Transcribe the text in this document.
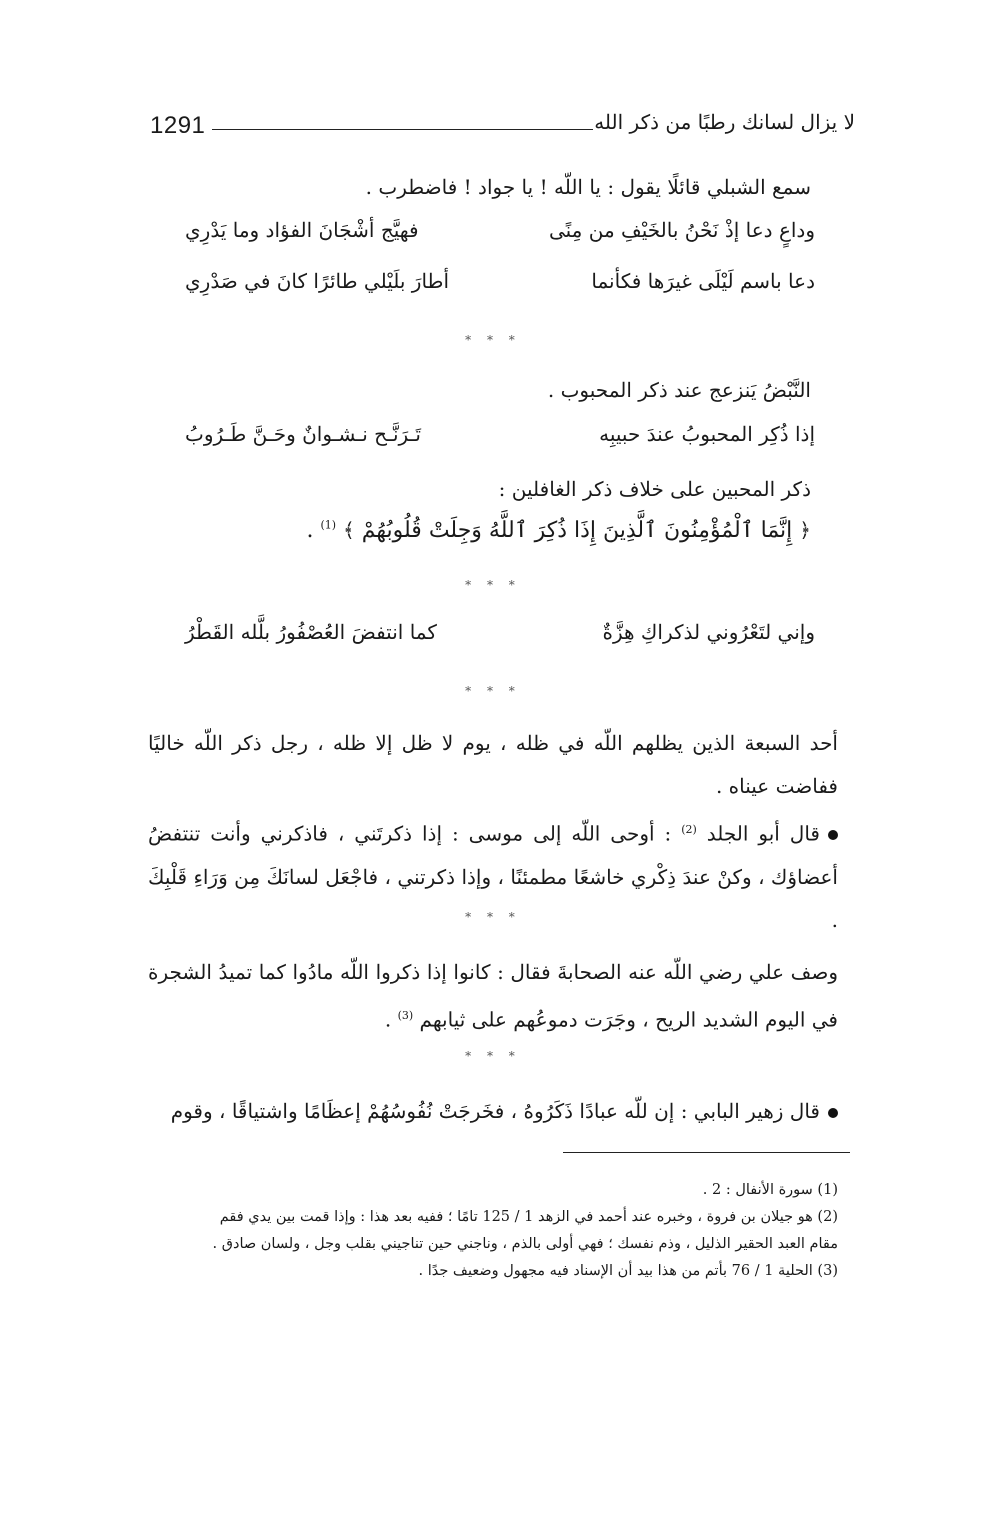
1291	لا يزال لسانك رطبًا من ذكر الله
سمع الشبلي قائلًا يقول : يا اللّه ! يا جواد ! فاضطرب .
وداعٍ دعا إذْ نَحْنُ بالخَيْفِ من مِنًى
فهيَّج أشْجَانَ الفؤاد وما يَدْرِي
دعا باسم لَيْلَى غيرَها فكأنما
أطارَ بلَيْلي طائرًا كانَ في صَدْرِي
* * *
النَّبْضُ يَنزعج عند ذكر المحبوب .
إذا ذُكِر المحبوبُ عندَ حبيبِه
تَـرَنَّـح نـشـوانٌ وحَـنَّ طَـرُوبُ
ذكر المحبين على خلاف ذكر الغافلين :
﴿ إِنَّمَا ٱلْمُؤْمِنُونَ ٱلَّذِينَ إِذَا ذُكِرَ ٱللَّهُ وَجِلَتْ قُلُوبُهُمْ ﴾ $^{(1)}$ .
* * *
وإني لتَعْرُوني لذكراكِ هِزَّةٌ
كما انتفضَ العُصْفُورُ بلَّله القَطْرُ
* * *
أحد السبعة الذين يظلهم اللّه في ظله ، يوم لا ظل إلا ظله ، رجل ذكر اللّه خاليًا ففاضت عيناه .
قال أبو الجلد $^{(2)}$ : أوحى اللّه إلى موسى : إذا ذكرتَني ، فاذكرني وأنت تنتفضُ أعضاؤك ، وكنْ عندَ ذِكْري خاشعًا مطمئنًا ، وإذا ذكرتني ، فاجْعَل لسانَكَ مِن وَرَاءِ قَلْبِكَ .
* * *
وصف علي رضي اللّه عنه الصحابةَ فقال : كانوا إذا ذكروا اللّه مادُوا كما تميدُ الشجرة في اليوم الشديد الريح ، وجَرَت دموعُهم على ثيابهم $^{(3)}$ .
* * *
قال زهير البابي : إن للّه عبادًا ذَكَرُوهُ ، فخَرجَتْ نُفُوسُهُمْ إعظَامًا واشتياقًا ، وقوم
(1) سورة الأنفال : 2 .
(2) هو جيلان بن فروة ، وخبره عند أحمد في الزهد 1 / 125 تامًا ؛ ففيه بعد هذا : وإذا قمت بين يدي فقم
مقام العبد الحقير الذليل ، وذم نفسك ؛ فهي أولى بالذم ، وناجني حين تناجيني بقلب وجل ، ولسان صادق .
(3) الحلية 1 / 76 بأتم من هذا بيد أن الإسناد فيه مجهول وضعيف جدًا .
